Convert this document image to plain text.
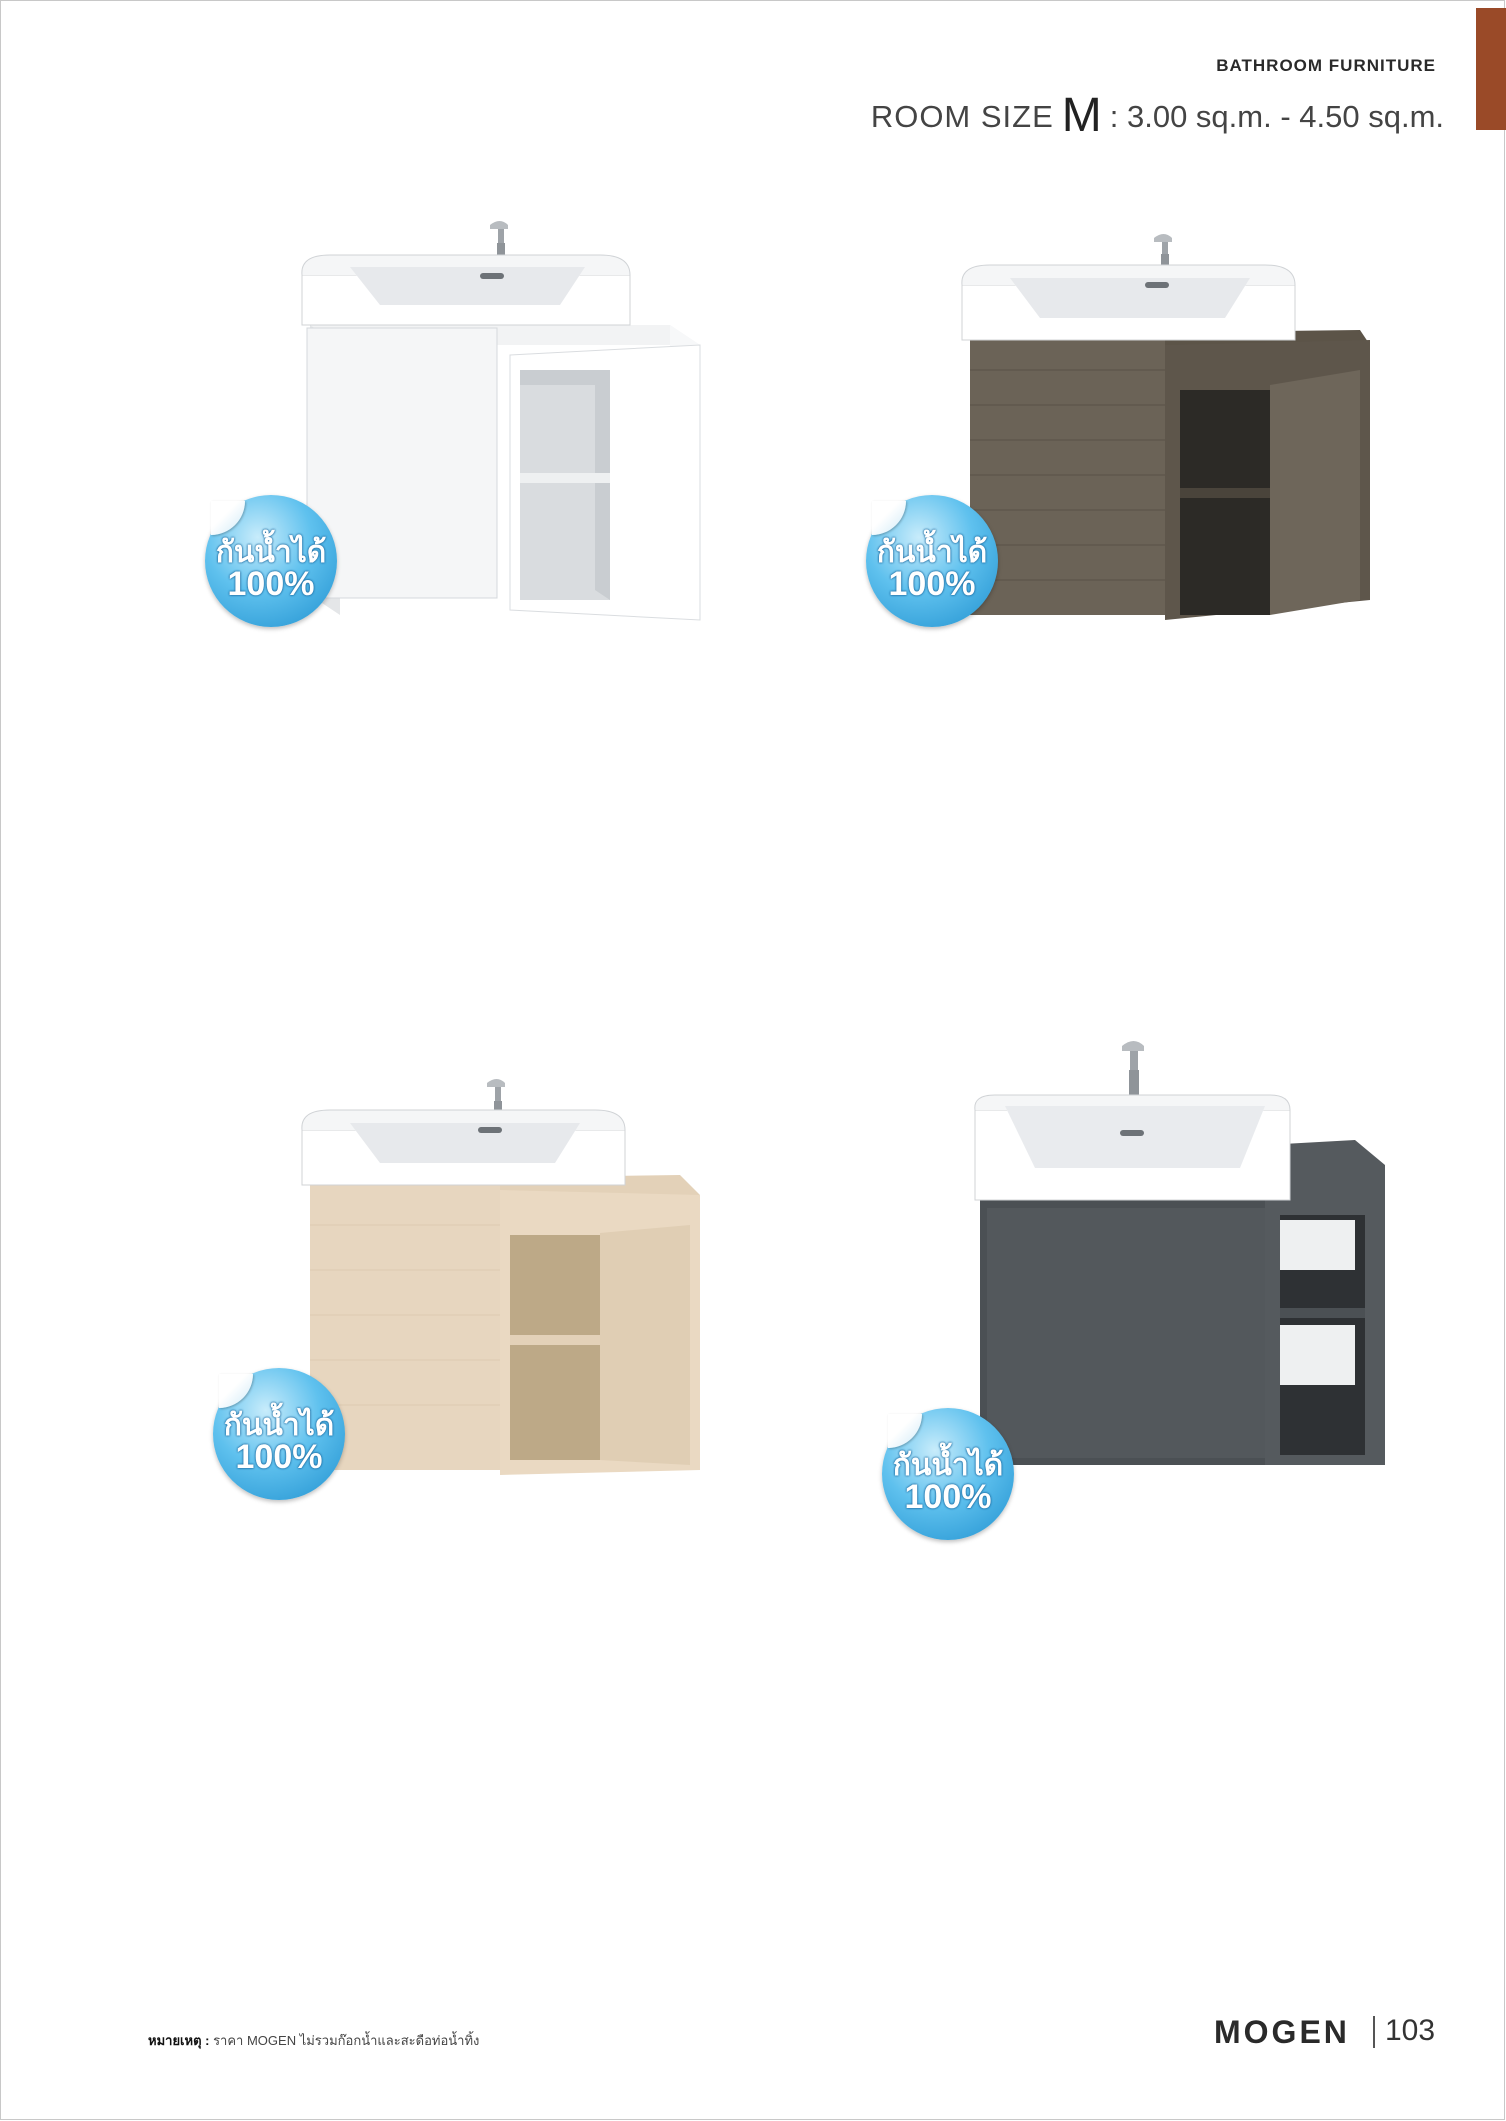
BATHROOM FURNITURE
ROOM SIZE M : 3.00 sq.m. - 4.50 sq.m.
กันน้ำได้
100%
กันน้ำได้
100%
กันน้ำได้
100%	กันน้ำได้
100%
หมายเหตุ : ราคา MOGEN ไม่รวมก๊อกน้ำและสะดือท่อน้ำทิ้ง	MOGEN 103
